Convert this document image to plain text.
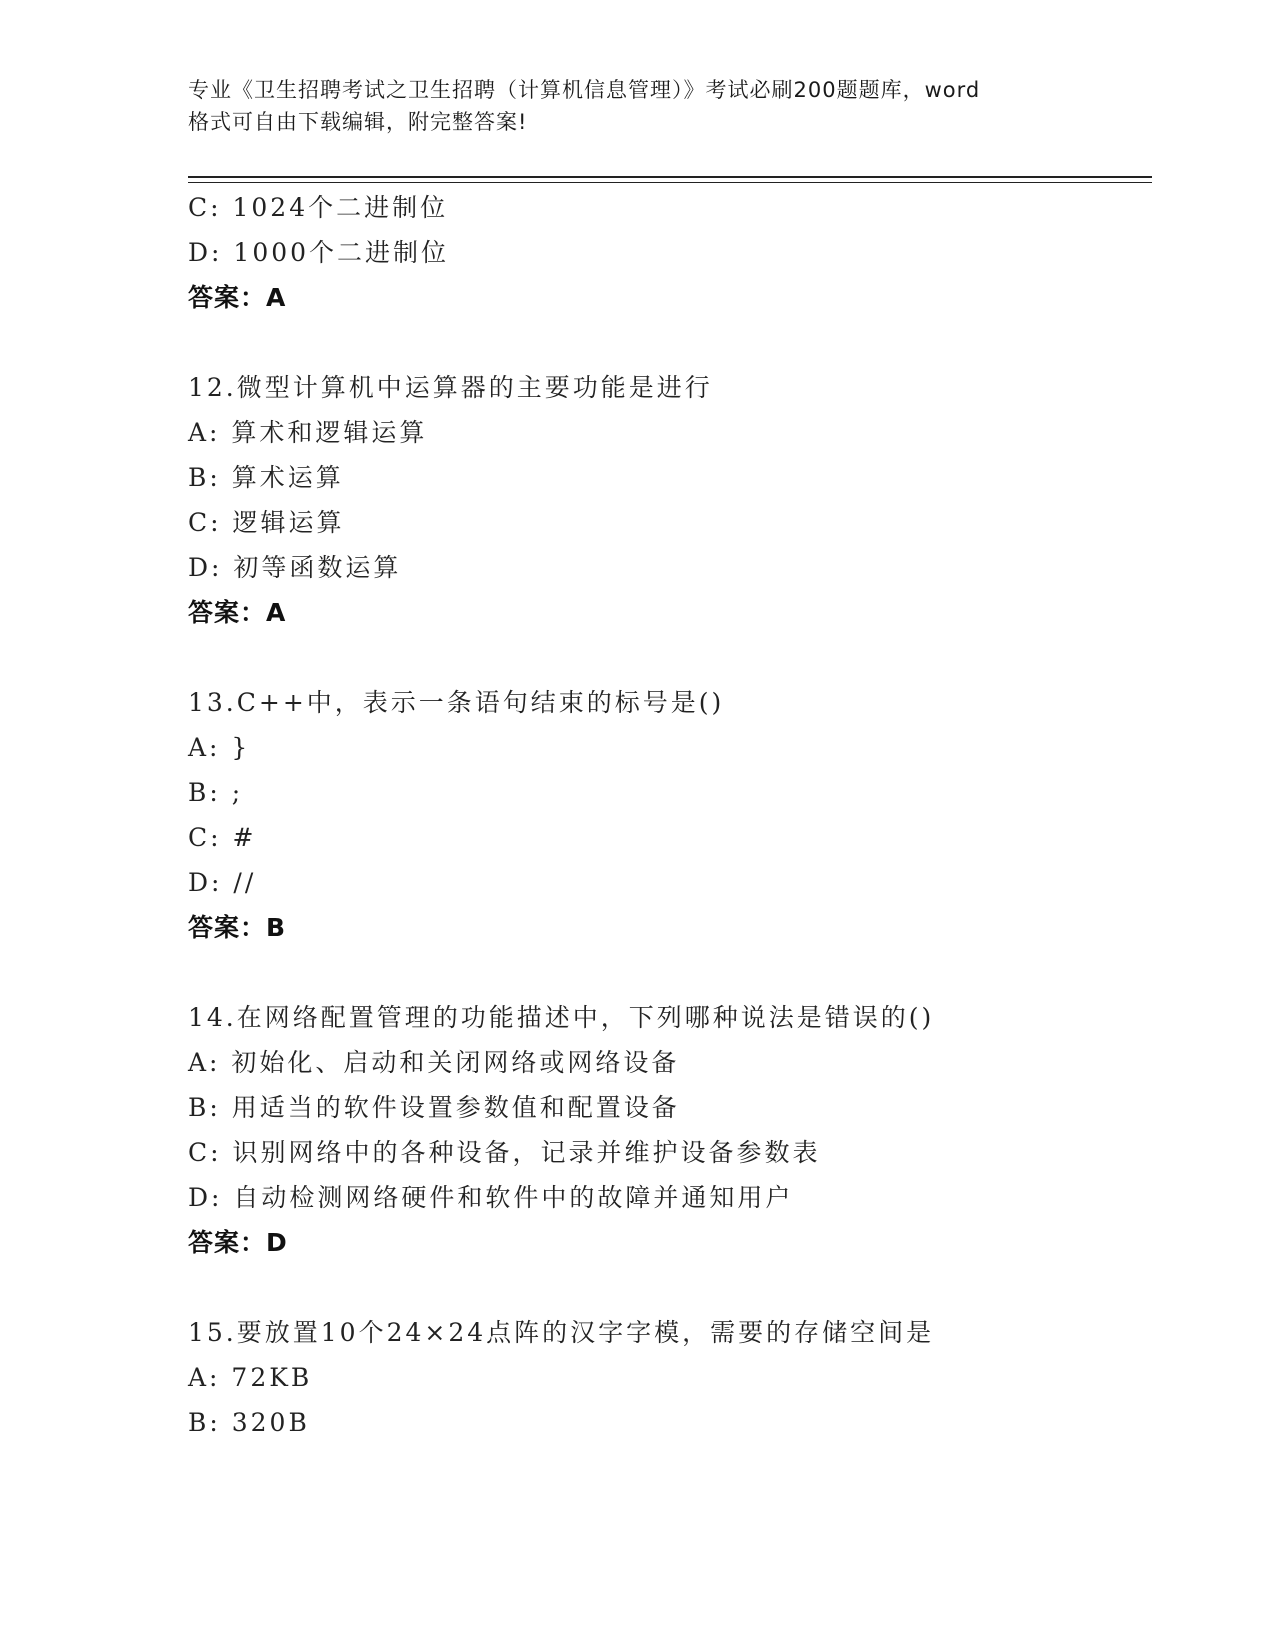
专业《卫生招聘考试之卫生招聘（计算机信息管理）》考试必刷200题题库，word
格式可自由下载编辑，附完整答案!
C: 1024个二进制位
D: 1000个二进制位
答案：A
12.微型计算机中运算器的主要功能是进行
A: 算术和逻辑运算
B: 算术运算
C: 逻辑运算
D: 初等函数运算
答案：A
13.C++中，表示一条语句结束的标号是()
A: }
B: ;
C: #
D: //
答案：B
14.在网络配置管理的功能描述中，下列哪种说法是错误的()
A: 初始化、启动和关闭网络或网络设备
B: 用适当的软件设置参数值和配置设备
C: 识别网络中的各种设备，记录并维护设备参数表
D: 自动检测网络硬件和软件中的故障并通知用户
答案：D
15.要放置10个24×24点阵的汉字字模，需要的存储空间是
A: 72KB
B: 320B
